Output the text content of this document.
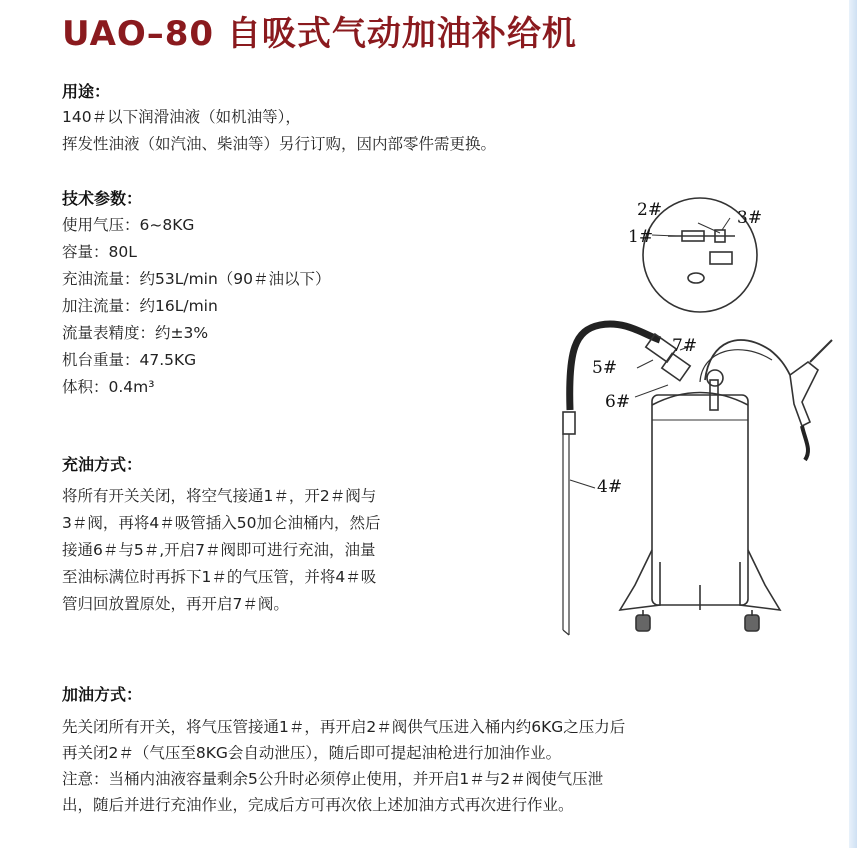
UAO–80 自吸式气动加油补给机
用途：
140＃以下润滑油液（如机油等），
挥发性油液（如汽油、柴油等）另行订购，因内部零件需更换。
技术参数：
使用气压：6~8KG
容量：80L
充油流量：约53L/min（90＃油以下）
加注流量：约16L/min
流量表精度：约±3%
机台重量：47.5KG
体积：0.4m³
充油方式：
将所有开关关闭，将空气接通1＃，开2＃阀与
3＃阀，再将4＃吸管插入50加仑油桶内，然后
接通6＃与5＃,开启7＃阀即可进行充油，油量
至油标满位时再拆下1＃的气压管，并将4＃吸
管归回放置原处，再开启7＃阀。
加油方式：
先关闭所有开关，将气压管接通1＃，再开启2＃阀供气压进入桶内约6KG之压力后
再关闭2＃（气压至8KG会自动泄压），随后即可提起油枪进行加油作业。
注意：当桶内油液容量剩余5公升时必须停止使用，并开启1＃与2＃阀使气压泄
出，随后并进行充油作业，完成后方可再次依上述加油方式再次进行作业。
1#
2#	3#
4#
5#
6#
7#
